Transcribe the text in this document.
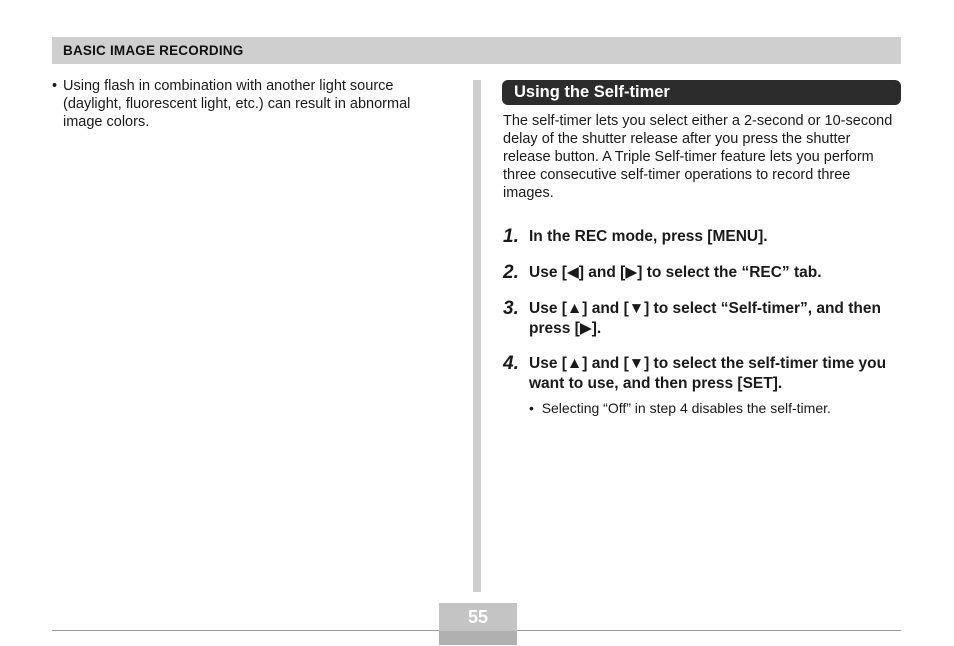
BASIC IMAGE RECORDING
• Using flash in combination with another light source (daylight, fluorescent light, etc.) can result in abnormal image colors.
Using the Self-timer
The self-timer lets you select either a 2-second or 10-second delay of the shutter release after you press the shutter release button. A Triple Self-timer feature lets you perform three consecutive self-timer operations to record three images.
1. In the REC mode, press [MENU].
2. Use [◀] and [▶] to select the “REC” tab.
3. Use [▲] and [▼] to select “Self-timer”, and then press [▶].
4. Use [▲] and [▼] to select the self-timer time you want to use, and then press [SET].
•  Selecting “Off” in step 4 disables the self-timer.
55
